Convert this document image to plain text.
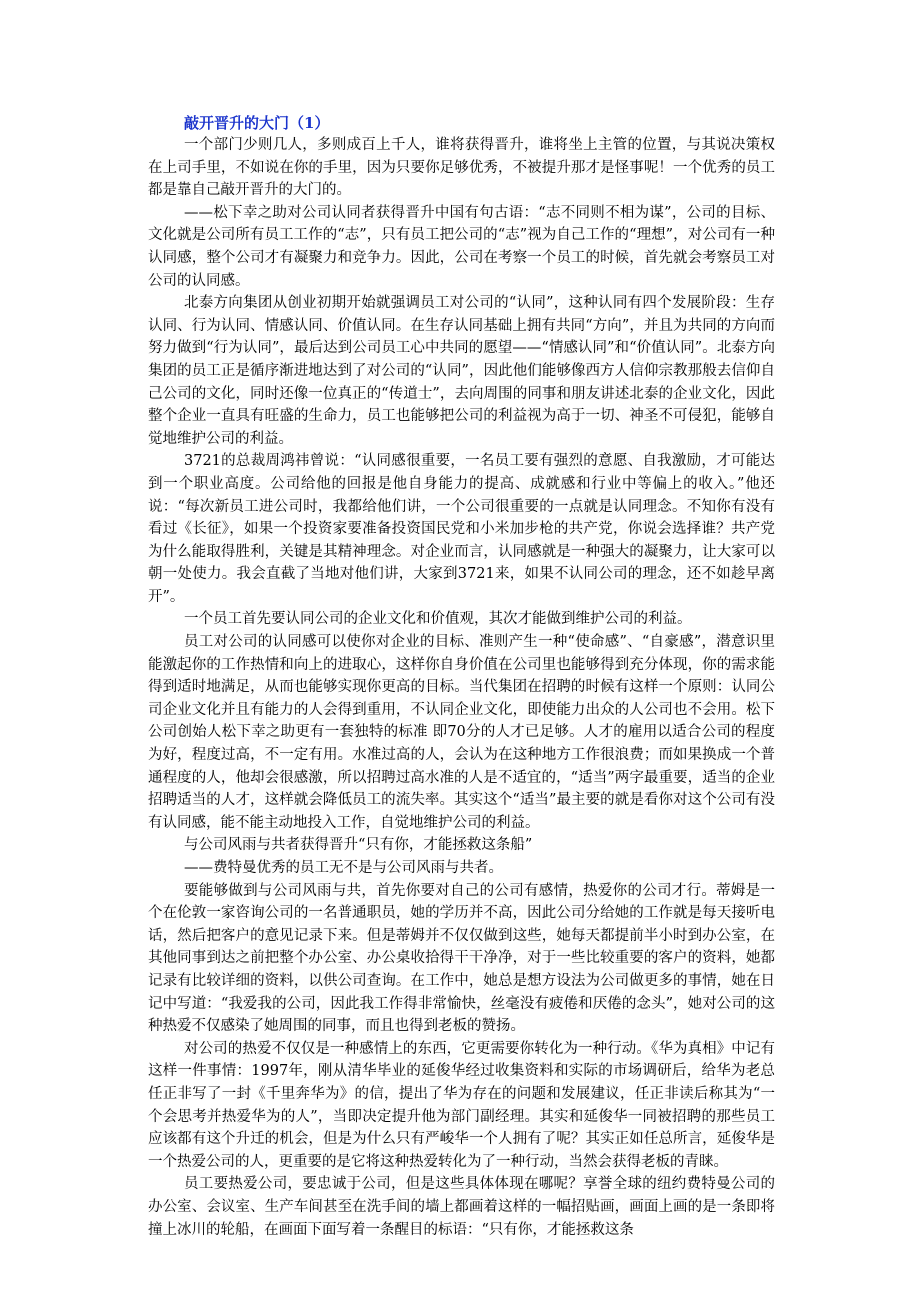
敲开晋升的大门（1）

一个部门少则几人，多则成百上千人，谁将获得晋升，谁将坐上主管的位置，与其说决策权在上司手里，不如说在你的手里，因为只要你足够优秀，不被提升那才是怪事呢！一个优秀的员工都是靠自己敲开晋升的大门的。

——松下幸之助对公司认同者获得晋升中国有句古语：“志不同则不相为谋”，公司的目标、文化就是公司所有员工工作的“志”，只有员工把公司的“志”视为自己工作的“理想”，对公司有一种认同感，整个公司才有凝聚力和竞争力。因此，公司在考察一个员工的时候，首先就会考察员工对公司的认同感。

北泰方向集团从创业初期开始就强调员工对公司的“认同”，这种认同有四个发展阶段：生存认同、行为认同、情感认同、价值认同。在生存认同基础上拥有共同“方向”，并且为共同的方向而努力做到“行为认同”，最后达到公司员工心中共同的愿望——“情感认同”和“价值认同”。北泰方向集团的员工正是循序渐进地达到了对公司的“认同”，因此他们能够像西方人信仰宗教那般去信仰自己公司的文化，同时还像一位真正的“传道士”，去向周围的同事和朋友讲述北泰的企业文化，因此整个企业一直具有旺盛的生命力，员工也能够把公司的利益视为高于一切、神圣不可侵犯，能够自觉地维护公司的利益。

3721的总裁周鸿祎曾说：“认同感很重要，一名员工要有强烈的意愿、自我激励，才可能达到一个职业高度。公司给他的回报是他自身能力的提高、成就感和行业中等偏上的收入。”他还说：“每次新员工进公司时，我都给他们讲，一个公司很重要的一点就是认同理念。不知你有没有看过《长征》，如果一个投资家要准备投资国民党和小米加步枪的共产党，你说会选择谁？共产党为什么能取得胜利，关键是其精神理念。对企业而言，认同感就是一种强大的凝聚力，让大家可以朝一处使力。我会直截了当地对他们讲，大家到3721来，如果不认同公司的理念，还不如趁早离开”。

一个员工首先要认同公司的企业文化和价值观，其次才能做到维护公司的利益。

员工对公司的认同感可以使你对企业的目标、准则产生一种“使命感”、“自豪感”，潜意识里能激起你的工作热情和向上的进取心，这样你自身价值在公司里也能够得到充分体现，你的需求能得到适时地满足，从而也能够实现你更高的目标。当代集团在招聘的时候有这样一个原则：认同公司企业文化并且有能力的人会得到重用，不认同企业文化，即使能力出众的人公司也不会用。松下公司创始人松下幸之助更有一套独特的标准 即70分的人才已足够。人才的雇用以适合公司的程度为好，程度过高，不一定有用。水准过高的人，会认为在这种地方工作很浪费；而如果换成一个普通程度的人，他却会很感激，所以招聘过高水准的人是不适宜的，“适当”两字最重要，适当的企业招聘适当的人才，这样就会降低员工的流失率。其实这个“适当”最主要的就是看你对这个公司有没有认同感，能不能主动地投入工作，自觉地维护公司的利益。

与公司风雨与共者获得晋升“只有你，才能拯救这条船”

——费特曼优秀的员工无不是与公司风雨与共者。

要能够做到与公司风雨与共，首先你要对自己的公司有感情，热爱你的公司才行。蒂姆是一个在伦敦一家咨询公司的一名普通职员，她的学历并不高，因此公司分给她的工作就是每天接听电话，然后把客户的意见记录下来。但是蒂姆并不仅仅做到这些，她每天都提前半小时到办公室，在其他同事到达之前把整个办公室、办公桌收拾得干干净净，对于一些比较重要的客户的资料，她都记录有比较详细的资料，以供公司查询。在工作中，她总是想方设法为公司做更多的事情，她在日记中写道：“我爱我的公司，因此我工作得非常愉快，丝毫没有疲倦和厌倦的念头”，她对公司的这种热爱不仅感染了她周围的同事，而且也得到老板的赞扬。

对公司的热爱不仅仅是一种感情上的东西，它更需要你转化为一种行动。《华为真相》中记有这样一件事情：1997年，刚从清华毕业的延俊华经过收集资料和实际的市场调研后，给华为老总任正非写了一封《千里奔华为》的信，提出了华为存在的问题和发展建议，任正非读后称其为“一个会思考并热爱华为的人”，当即决定提升他为部门副经理。其实和延俊华一同被招聘的那些员工应该都有这个升迁的机会，但是为什么只有严峻华一个人拥有了呢？其实正如任总所言，延俊华是一个热爱公司的人，更重要的是它将这种热爱转化为了一种行动，当然会获得老板的青睐。

员工要热爱公司，要忠诚于公司，但是这些具体体现在哪呢？享誉全球的纽约费特曼公司的办公室、会议室、生产车间甚至在洗手间的墙上都画着这样的一幅招贴画，画面上画的是一条即将撞上冰川的轮船，在画面下面写着一条醒目的标语：“只有你，才能拯救这条
